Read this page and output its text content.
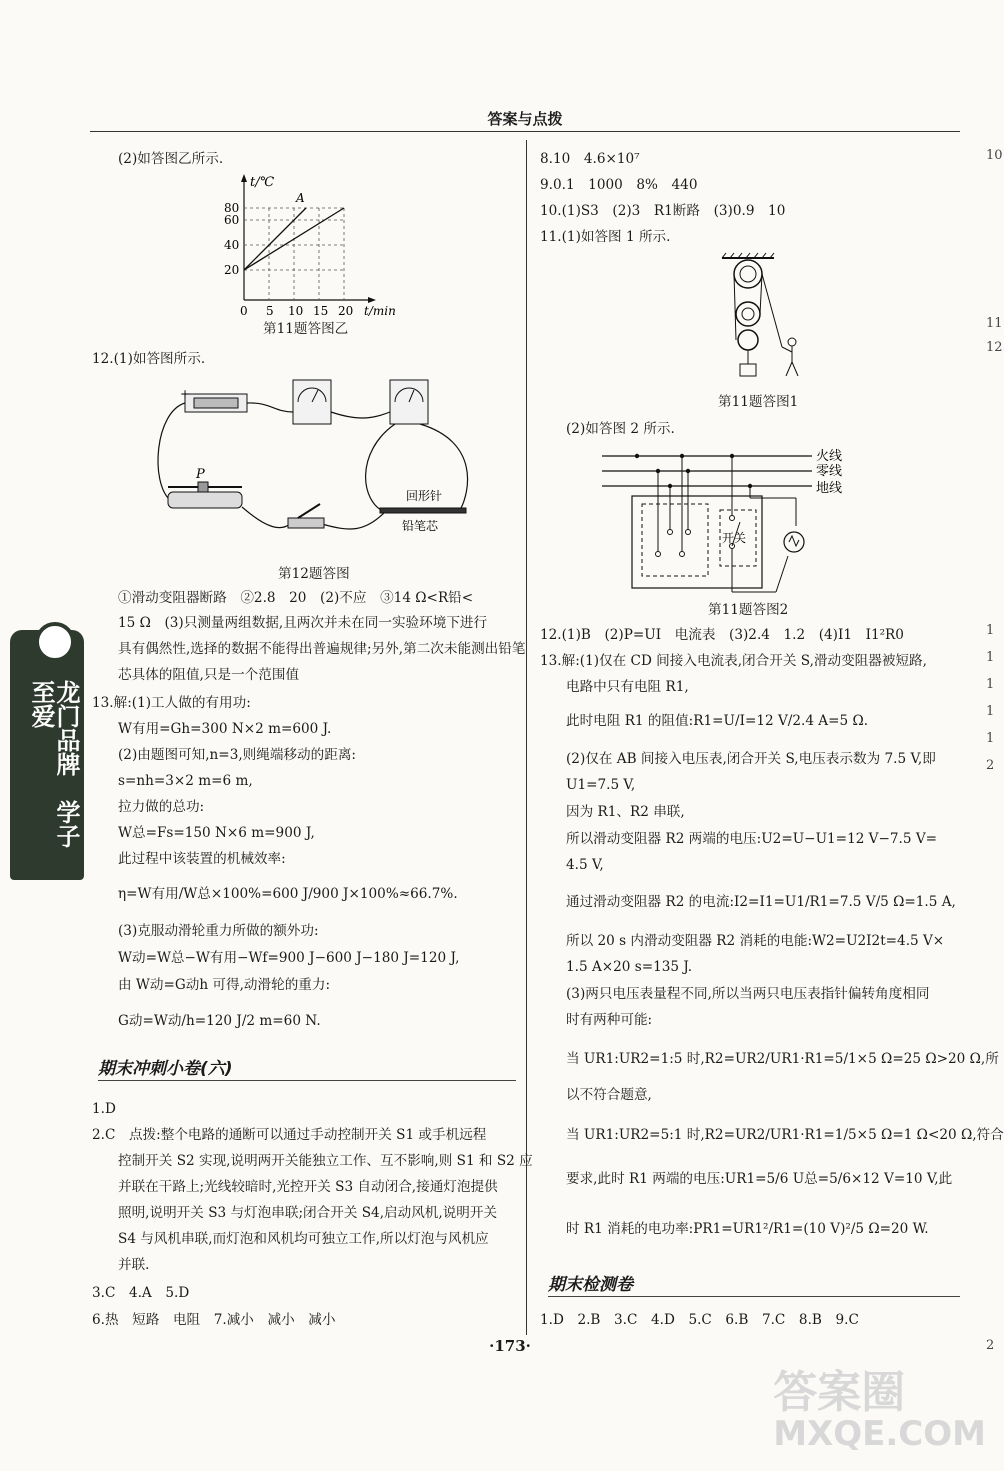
答案与点拨
龙门品牌　学子至爱
(2)如答图乙所示.
t/℃
A
20
40
60
80
0 5 10 15 20 t/min
第11题答图乙
12.(1)如答图所示.
+
P
回形针
铅笔芯
第12题答图
①滑动变阻器断路　②2.8　20　(2)不应　③14 Ω<R铅<
15 Ω　(3)只测量两组数据,且两次并未在同一实验环境下进行
具有偶然性,选择的数据不能得出普遍规律;另外,第二次未能测出铅笔
芯具体的阻值,只是一个范围值
13.解:(1)工人做的有用功:
W有用=Gh=300 N×2 m=600 J.
(2)由题图可知,n=3,则绳端移动的距离:
s=nh=3×2 m=6 m,
拉力做的总功:
W总=Fs=150 N×6 m=900 J,
此过程中该装置的机械效率:
η=W有用/W总×100%=600 J/900 J×100%≈66.7%.
(3)克服动滑轮重力所做的额外功:
W动=W总−W有用−Wf=900 J−600 J−180 J=120 J,
由 W动=G动h 可得,动滑轮的重力:
G动=W动/h=120 J/2 m=60 N.
期末冲刺小卷(六)
1.D
2.C　点拨:整个电路的通断可以通过手动控制开关 S1 或手机远程
控制开关 S2 实现,说明两开关能独立工作、互不影响,则 S1 和 S2 应
并联在干路上;光线较暗时,光控开关 S3 自动闭合,接通灯泡提供
照明,说明开关 S3 与灯泡串联;闭合开关 S4,启动风机,说明开关
S4 与风机串联,而灯泡和风机均可独立工作,所以灯泡与风机应
并联.
3.C　4.A　5.D
6.热　短路　电阻　7.减小　减小　减小
8.10　4.6×10⁷
9.0.1　1000　8%　440
10.(1)S3　(2)3　R1断路　(3)0.9　10
11.(1)如答图 1 所示.
第11题答图1
(2)如答图 2 所示.
火线
零线
地线
开关
第11题答图2
12.(1)B　(2)P=UI　电流表　(3)2.4　1.2　(4)I1　I1²R0
13.解:(1)仅在 CD 间接入电流表,闭合开关 S,滑动变阻器被短路,
电路中只有电阻 R1,
此时电阻 R1 的阻值:R1=U/I=12 V/2.4 A=5 Ω.
(2)仅在 AB 间接入电压表,闭合开关 S,电压表示数为 7.5 V,即
U1=7.5 V,
因为 R1、R2 串联,
所以滑动变阻器 R2 两端的电压:U2=U−U1=12 V−7.5 V=
4.5 V,
通过滑动变阻器 R2 的电流:I2=I1=U1/R1=7.5 V/5 Ω=1.5 A,
所以 20 s 内滑动变阻器 R2 消耗的电能:W2=U2I2t=4.5 V×
1.5 A×20 s=135 J.
(3)两只电压表量程不同,所以当两只电压表指针偏转角度相同
时有两种可能:
当 UR1:UR2=1:5 时,R2=UR2/UR1·R1=5/1×5 Ω=25 Ω>20 Ω,所
以不符合题意,
当 UR1:UR2=5:1 时,R2=UR2/UR1·R1=1/5×5 Ω=1 Ω<20 Ω,符合
要求,此时 R1 两端的电压:UR1=5/6 U总=5/6×12 V=10 V,此
时 R1 消耗的电功率:PR1=UR1²/R1=(10 V)²/5 Ω=20 W.
期末检测卷
1.D　2.B　3.C　4.D　5.C　6.B　7.C　8.B　9.C
·173·
10
11
12
1
1
1
1
1
2
2
答案圈
MXQE.COM
